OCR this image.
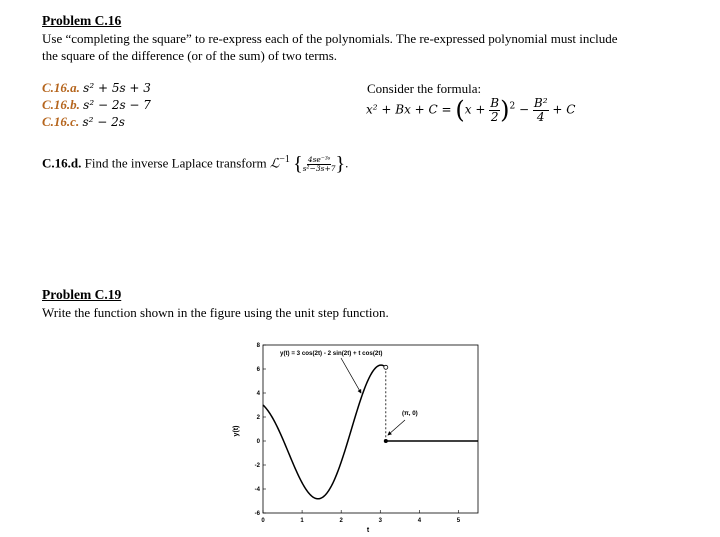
Problem C.16
Use “completing the square” to re-express each of the polynomials. The re-expressed polynomial must include
the square of the difference (or of the sum) of two terms.
C.16.a. s² + 5s + 3
C.16.b. s² − 2s − 7
C.16.c. s² − 2s
Consider the formula:
$x^2 + Bx + C = (x + \frac{B}{2} )^2 - \frac{\text{B²}}{4} + C$
C.16.d. Find the inverse Laplace transform ℒ$^{-1}$ { $\frac{\text{4se⁻³ˢ}}{\text{s²−3s+7}}$ }.
Problem C.19
Write the function shown in the figure using the unit step function.
-6
-4
-2
0
2
4
6
8
0	1	2	3	4	5
y(t) = 3 cos(2t) - 2 sin(2t) + t cos(2t)
(π, 0)
t
y(t)
